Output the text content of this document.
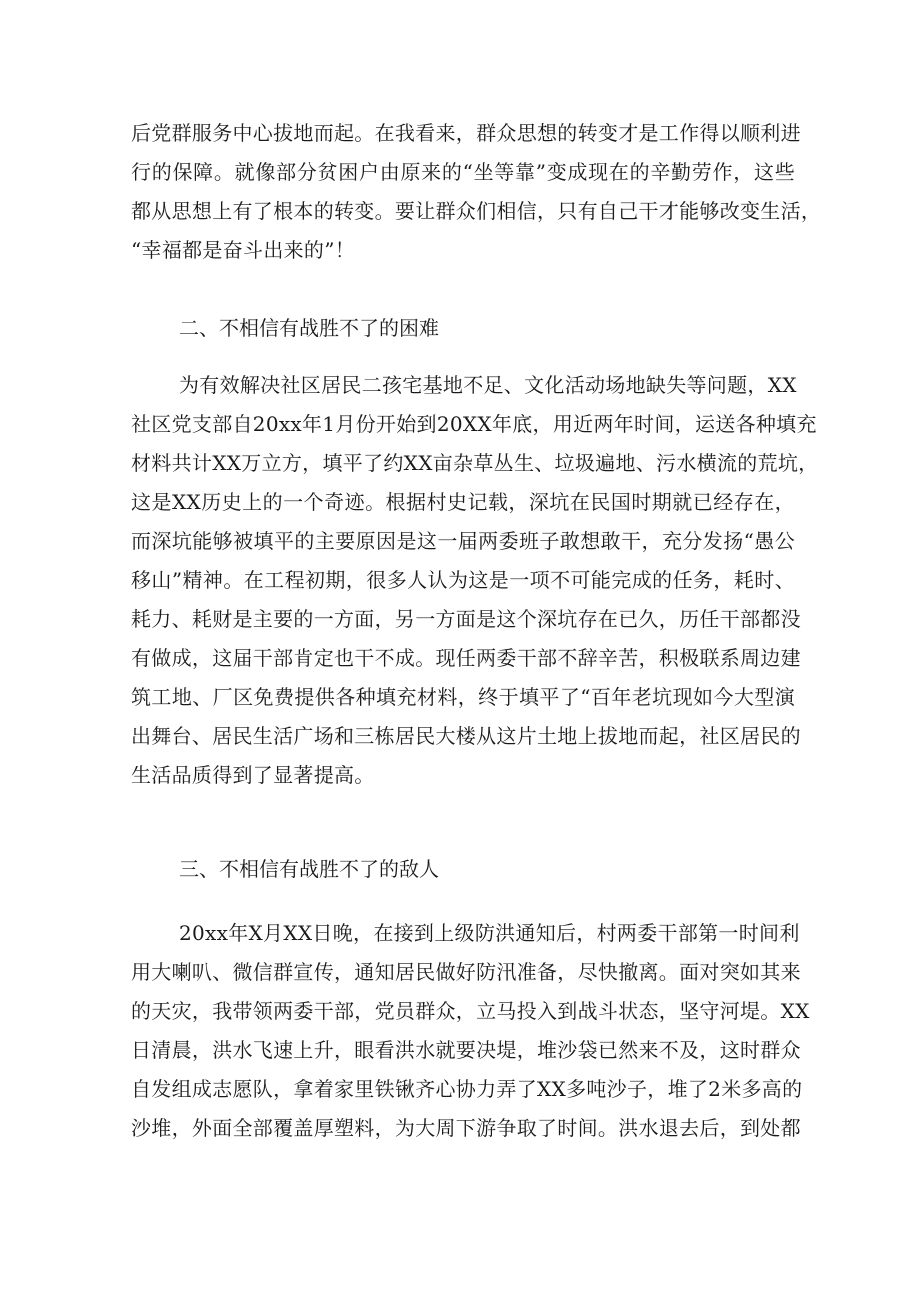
后党群服务中心拔地而起。在我看来，群众思想的转变才是工作得以顺利进
行的保障。就像部分贫困户由原来的“坐等靠”变成现在的辛勤劳作，这些
都从思想上有了根本的转变。要让群众们相信，只有自己干才能够改变生活，
“幸福都是奋斗出来的”！
二、不相信有战胜不了的困难
为有效解决社区居民二孩宅基地不足、文化活动场地缺失等问题，XX
社区党支部自20xx年1月份开始到20XX年底，用近两年时间，运送各种填充
材料共计XX万立方，填平了约XX亩杂草丛生、垃圾遍地、污水横流的荒坑，
这是XX历史上的一个奇迹。根据村史记载，深坑在民国时期就已经存在，
而深坑能够被填平的主要原因是这一届两委班子敢想敢干，充分发扬“愚公
移山”精神。在工程初期，很多人认为这是一项不可能完成的任务，耗时、
耗力、耗财是主要的一方面，另一方面是这个深坑存在已久，历任干部都没
有做成，这届干部肯定也干不成。现任两委干部不辞辛苦，积极联系周边建
筑工地、厂区免费提供各种填充材料，终于填平了“百年老坑现如今大型演
出舞台、居民生活广场和三栋居民大楼从这片土地上拔地而起，社区居民的
生活品质得到了显著提高。
三、不相信有战胜不了的敌人
20xx年X月XX日晚，在接到上级防洪通知后，村两委干部第一时间利
用大喇叭、微信群宣传，通知居民做好防汛准备，尽快撤离。面对突如其来
的天灾，我带领两委干部，党员群众，立马投入到战斗状态，坚守河堤。XX
日清晨，洪水飞速上升，眼看洪水就要决堤，堆沙袋已然来不及，这时群众
自发组成志愿队，拿着家里铁锹齐心协力弄了XX多吨沙子，堆了2米多高的
沙堆，外面全部覆盖厚塑料，为大周下游争取了时间。洪水退去后，到处都
